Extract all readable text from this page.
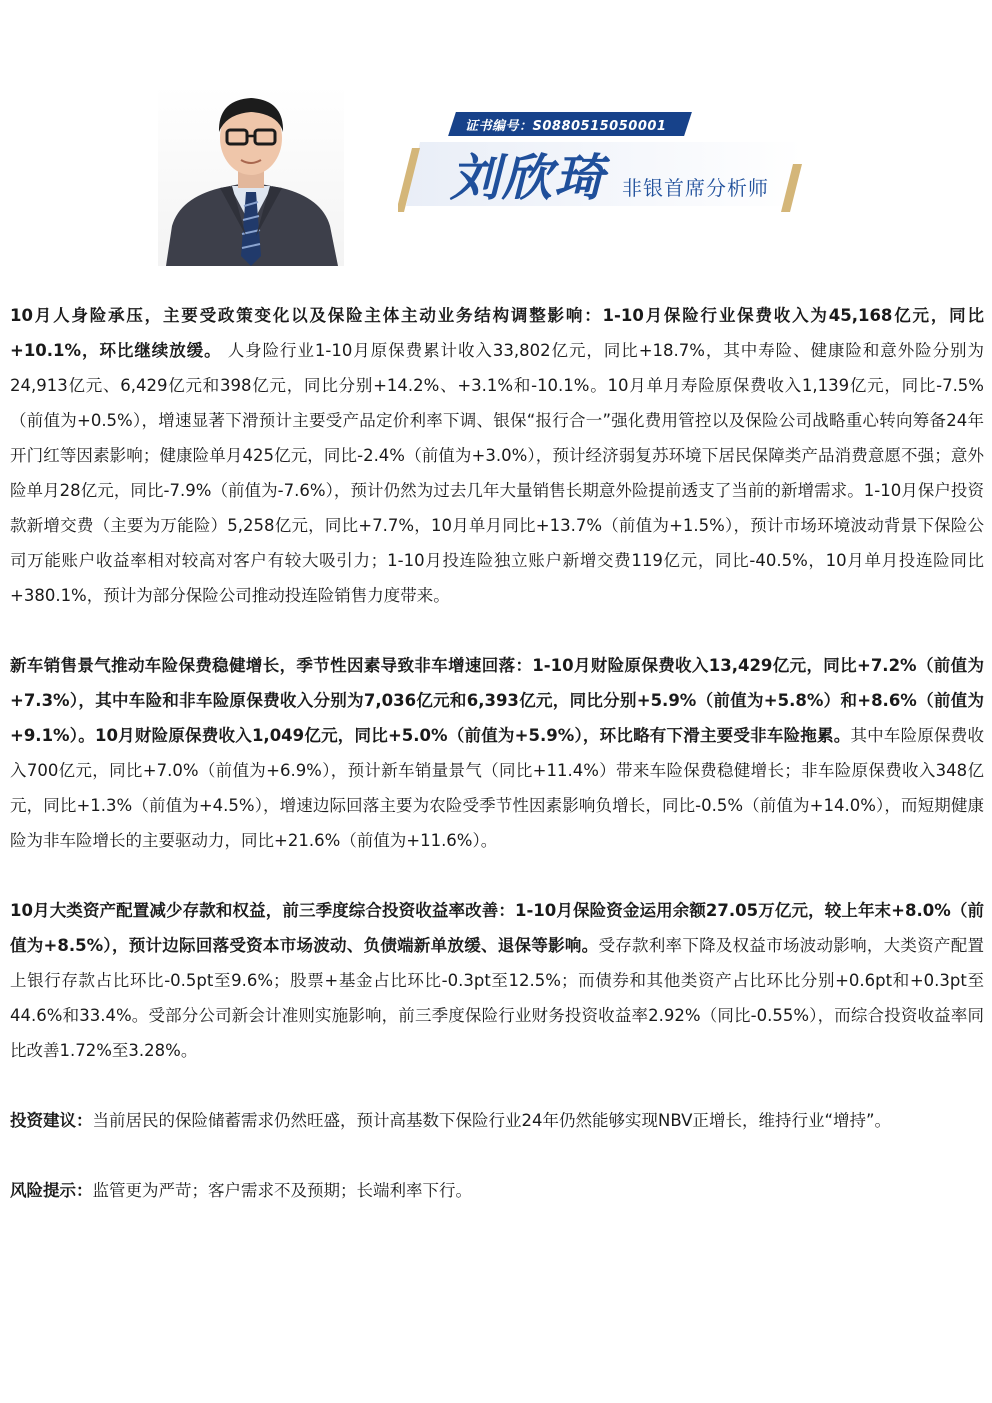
证书编号：S0880515050001
刘欣琦 非银首席分析师

10月人身险承压，主要受政策变化以及保险主体主动业务结构调整影响：1-10月保险行业保费收入为45,168亿元，同比+10.1%，环比继续放缓。 人身险行业1-10月原保费累计收入33,802亿元，同比+18.7%，其中寿险、健康险和意外险分别为24,913亿元、6,429亿元和398亿元，同比分别+14.2%、+3.1%和-10.1%。10月单月寿险原保费收入1,139亿元，同比-7.5%（前值为+0.5%），增速显著下滑预计主要受产品定价利率下调、银保“报行合一”强化费用管控以及保险公司战略重心转向筹备24年开门红等因素影响；健康险单月425亿元，同比-2.4%（前值为+3.0%），预计经济弱复苏环境下居民保障类产品消费意愿不强；意外险单月28亿元，同比-7.9%（前值为-7.6%），预计仍然为过去几年大量销售长期意外险提前透支了当前的新增需求。1-10月保户投资款新增交费（主要为万能险）5,258亿元，同比+7.7%，10月单月同比+13.7%（前值为+1.5%），预计市场环境波动背景下保险公司万能账户收益率相对较高对客户有较大吸引力；1-10月投连险独立账户新增交费119亿元，同比-40.5%，10月单月投连险同比+380.1%，预计为部分保险公司推动投连险销售力度带来。

新车销售景气推动车险保费稳健增长，季节性因素导致非车增速回落：1-10月财险原保费收入13,429亿元，同比+7.2%（前值为+7.3%），其中车险和非车险原保费收入分别为7,036亿元和6,393亿元，同比分别+5.9%（前值为+5.8%）和+8.6%（前值为+9.1%）。10月财险原保费收入1,049亿元，同比+5.0%（前值为+5.9%），环比略有下滑主要受非车险拖累。其中车险原保费收入700亿元，同比+7.0%（前值为+6.9%），预计新车销量景气（同比+11.4%）带来车险保费稳健增长；非车险原保费收入348亿元，同比+1.3%（前值为+4.5%），增速边际回落主要为农险受季节性因素影响负增长，同比-0.5%（前值为+14.0%），而短期健康险为非车险增长的主要驱动力，同比+21.6%（前值为+11.6%）。

10月大类资产配置减少存款和权益，前三季度综合投资收益率改善：1-10月保险资金运用余额27.05万亿元，较上年末+8.0%（前值为+8.5%），预计边际回落受资本市场波动、负债端新单放缓、退保等影响。受存款利率下降及权益市场波动影响，大类资产配置上银行存款占比环比-0.5pt至9.6%；股票+基金占比环比-0.3pt至12.5%；而债券和其他类资产占比环比分别+0.6pt和+0.3pt至44.6%和33.4%。受部分公司新会计准则实施影响，前三季度保险行业财务投资收益率2.92%（同比-0.55%），而综合投资收益率同比改善1.72%至3.28%。

投资建议：当前居民的保险储蓄需求仍然旺盛，预计高基数下保险行业24年仍然能够实现NBV正增长，维持行业“增持”。

风险提示：监管更为严苛；客户需求不及预期；长端利率下行。
